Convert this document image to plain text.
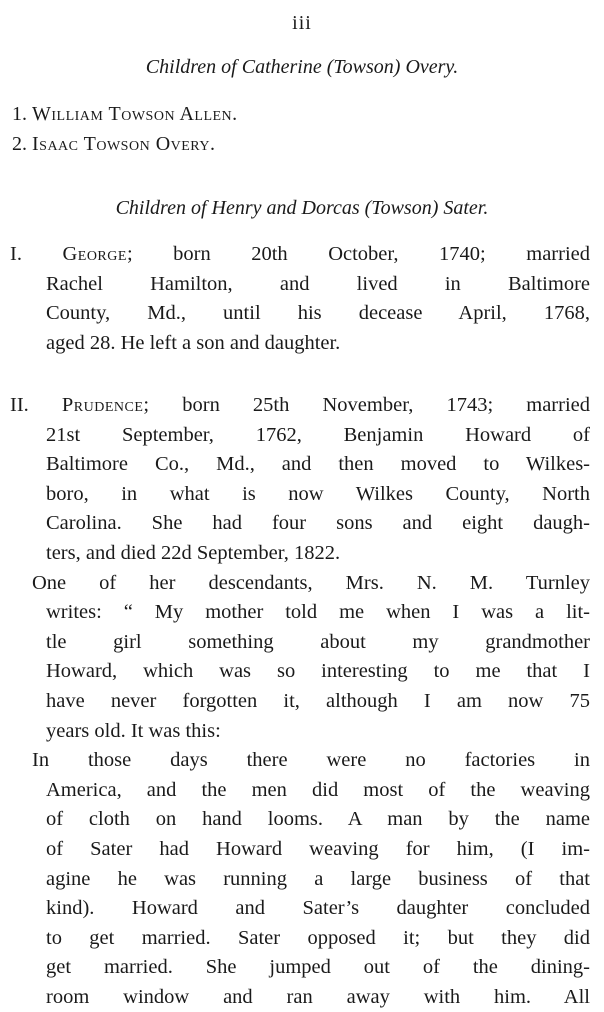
iii
Children of Catherine (Towson) Overy.
1. William Towson Allen.
2. Isaac Towson Overy.
Children of Henry and Dorcas (Towson) Sater.
I. George; born 20th October, 1740; married
Rachel Hamilton, and lived in Baltimore
County, Md., until his decease April, 1768,
aged 28. He left a son and daughter.
II. Prudence; born 25th November, 1743; married
21st September, 1762, Benjamin Howard of
Baltimore Co., Md., and then moved to Wilkes-
boro, in what is now Wilkes County, North
Carolina. She had four sons and eight daugh-
ters, and died 22d September, 1822.
One of her descendants, Mrs. N. M. Turnley
writes: “ My mother told me when I was a lit-
tle girl something about my grandmother
Howard, which was so interesting to me that I
have never forgotten it, although I am now 75
years old. It was this:
In those days there were no factories in
America, and the men did most of the weaving
of cloth on hand looms. A man by the name
of Sater had Howard weaving for him, (I im-
agine he was running a large business of that
kind). Howard and Sater’s daughter concluded
to get married. Sater opposed it; but they did
get married. She jumped out of the dining-
room window and ran away with him. All
